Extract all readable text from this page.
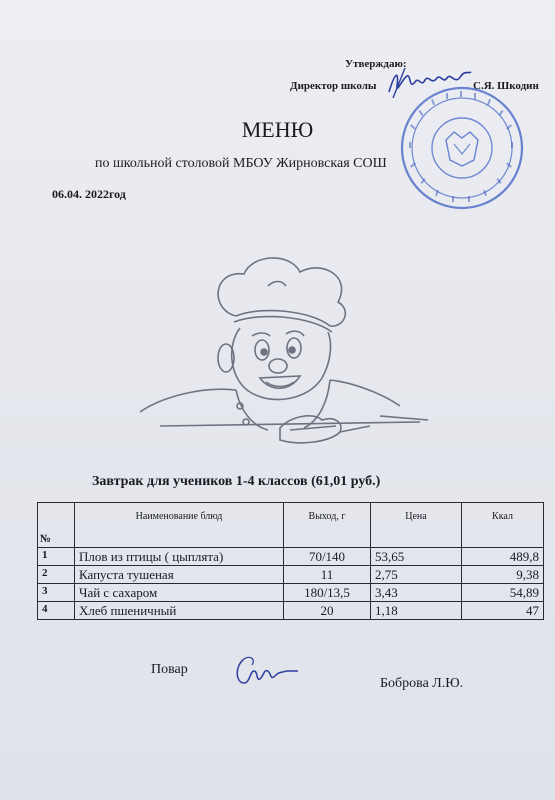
Утверждаю:
Директор школы	С.Я. Шкодин
МЕНЮ
по школьной столовой МБОУ Жирновская СОШ
06.04. 2022год
Завтрак для учеников 1-4 классов (61,01 руб.)
№	Наименование блюд	Выход, г	Цена	Ккал
1	Плов из птицы ( цыплята)	70/140	53,65	489,8
2	Капуста тушеная	11	2,75	9,38
3	Чай с сахаром	180/13,5	3,43	54,89
4	Хлеб пшеничный	20	1,18	47
Повар
Боброва Л.Ю.
